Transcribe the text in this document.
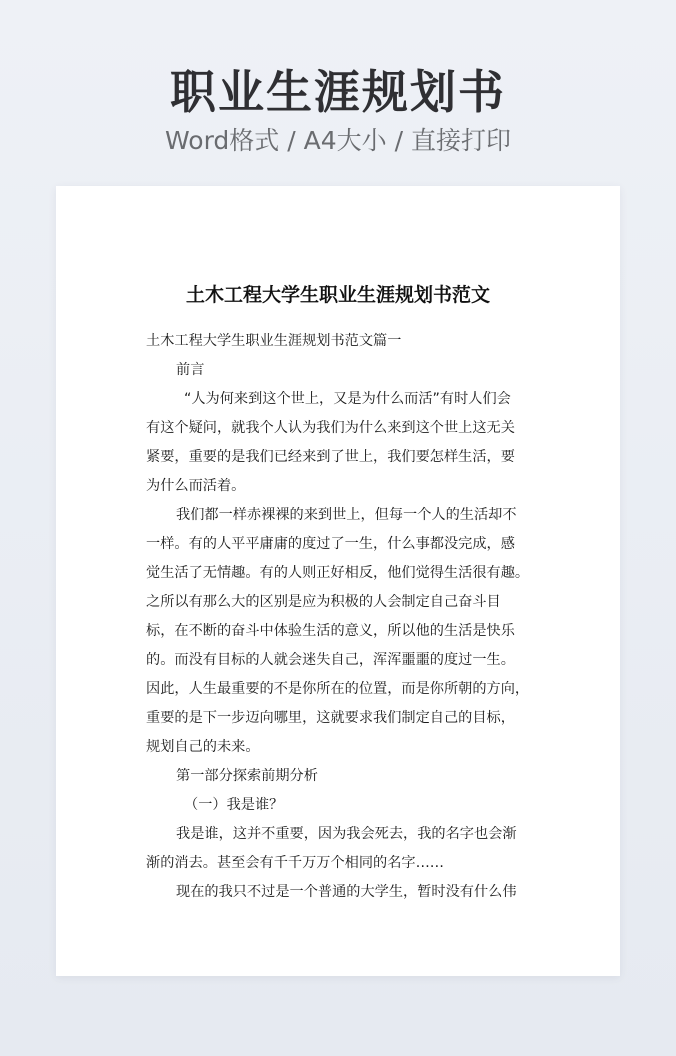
职业生涯规划书
Word格式 / A4大小 / 直接打印
土木工程大学生职业生涯规划书范文
土木工程大学生职业生涯规划书范文篇一
前言
“人为何来到这个世上，又是为什么而活”有时人们会
有这个疑问，就我个人认为我们为什么来到这个世上这无关
紧要，重要的是我们已经来到了世上，我们要怎样生活，要
为什么而活着。
我们都一样赤裸裸的来到世上，但每一个人的生活却不
一样。有的人平平庸庸的度过了一生，什么事都没完成，感
觉生活了无情趣。有的人则正好相反，他们觉得生活很有趣。
之所以有那么大的区别是应为积极的人会制定自己奋斗目
标，在不断的奋斗中体验生活的意义，所以他的生活是快乐
的。而没有目标的人就会迷失自己，浑浑噩噩的度过一生。
因此，人生最重要的不是你所在的位置，而是你所朝的方向，
重要的是下一步迈向哪里，这就要求我们制定自己的目标，
规划自己的未来。
第一部分探索前期分析
（一）我是谁？
我是谁，这并不重要，因为我会死去，我的名字也会渐
渐的消去。甚至会有千千万万个相同的名字……
现在的我只不过是一个普通的大学生，暂时没有什么伟
